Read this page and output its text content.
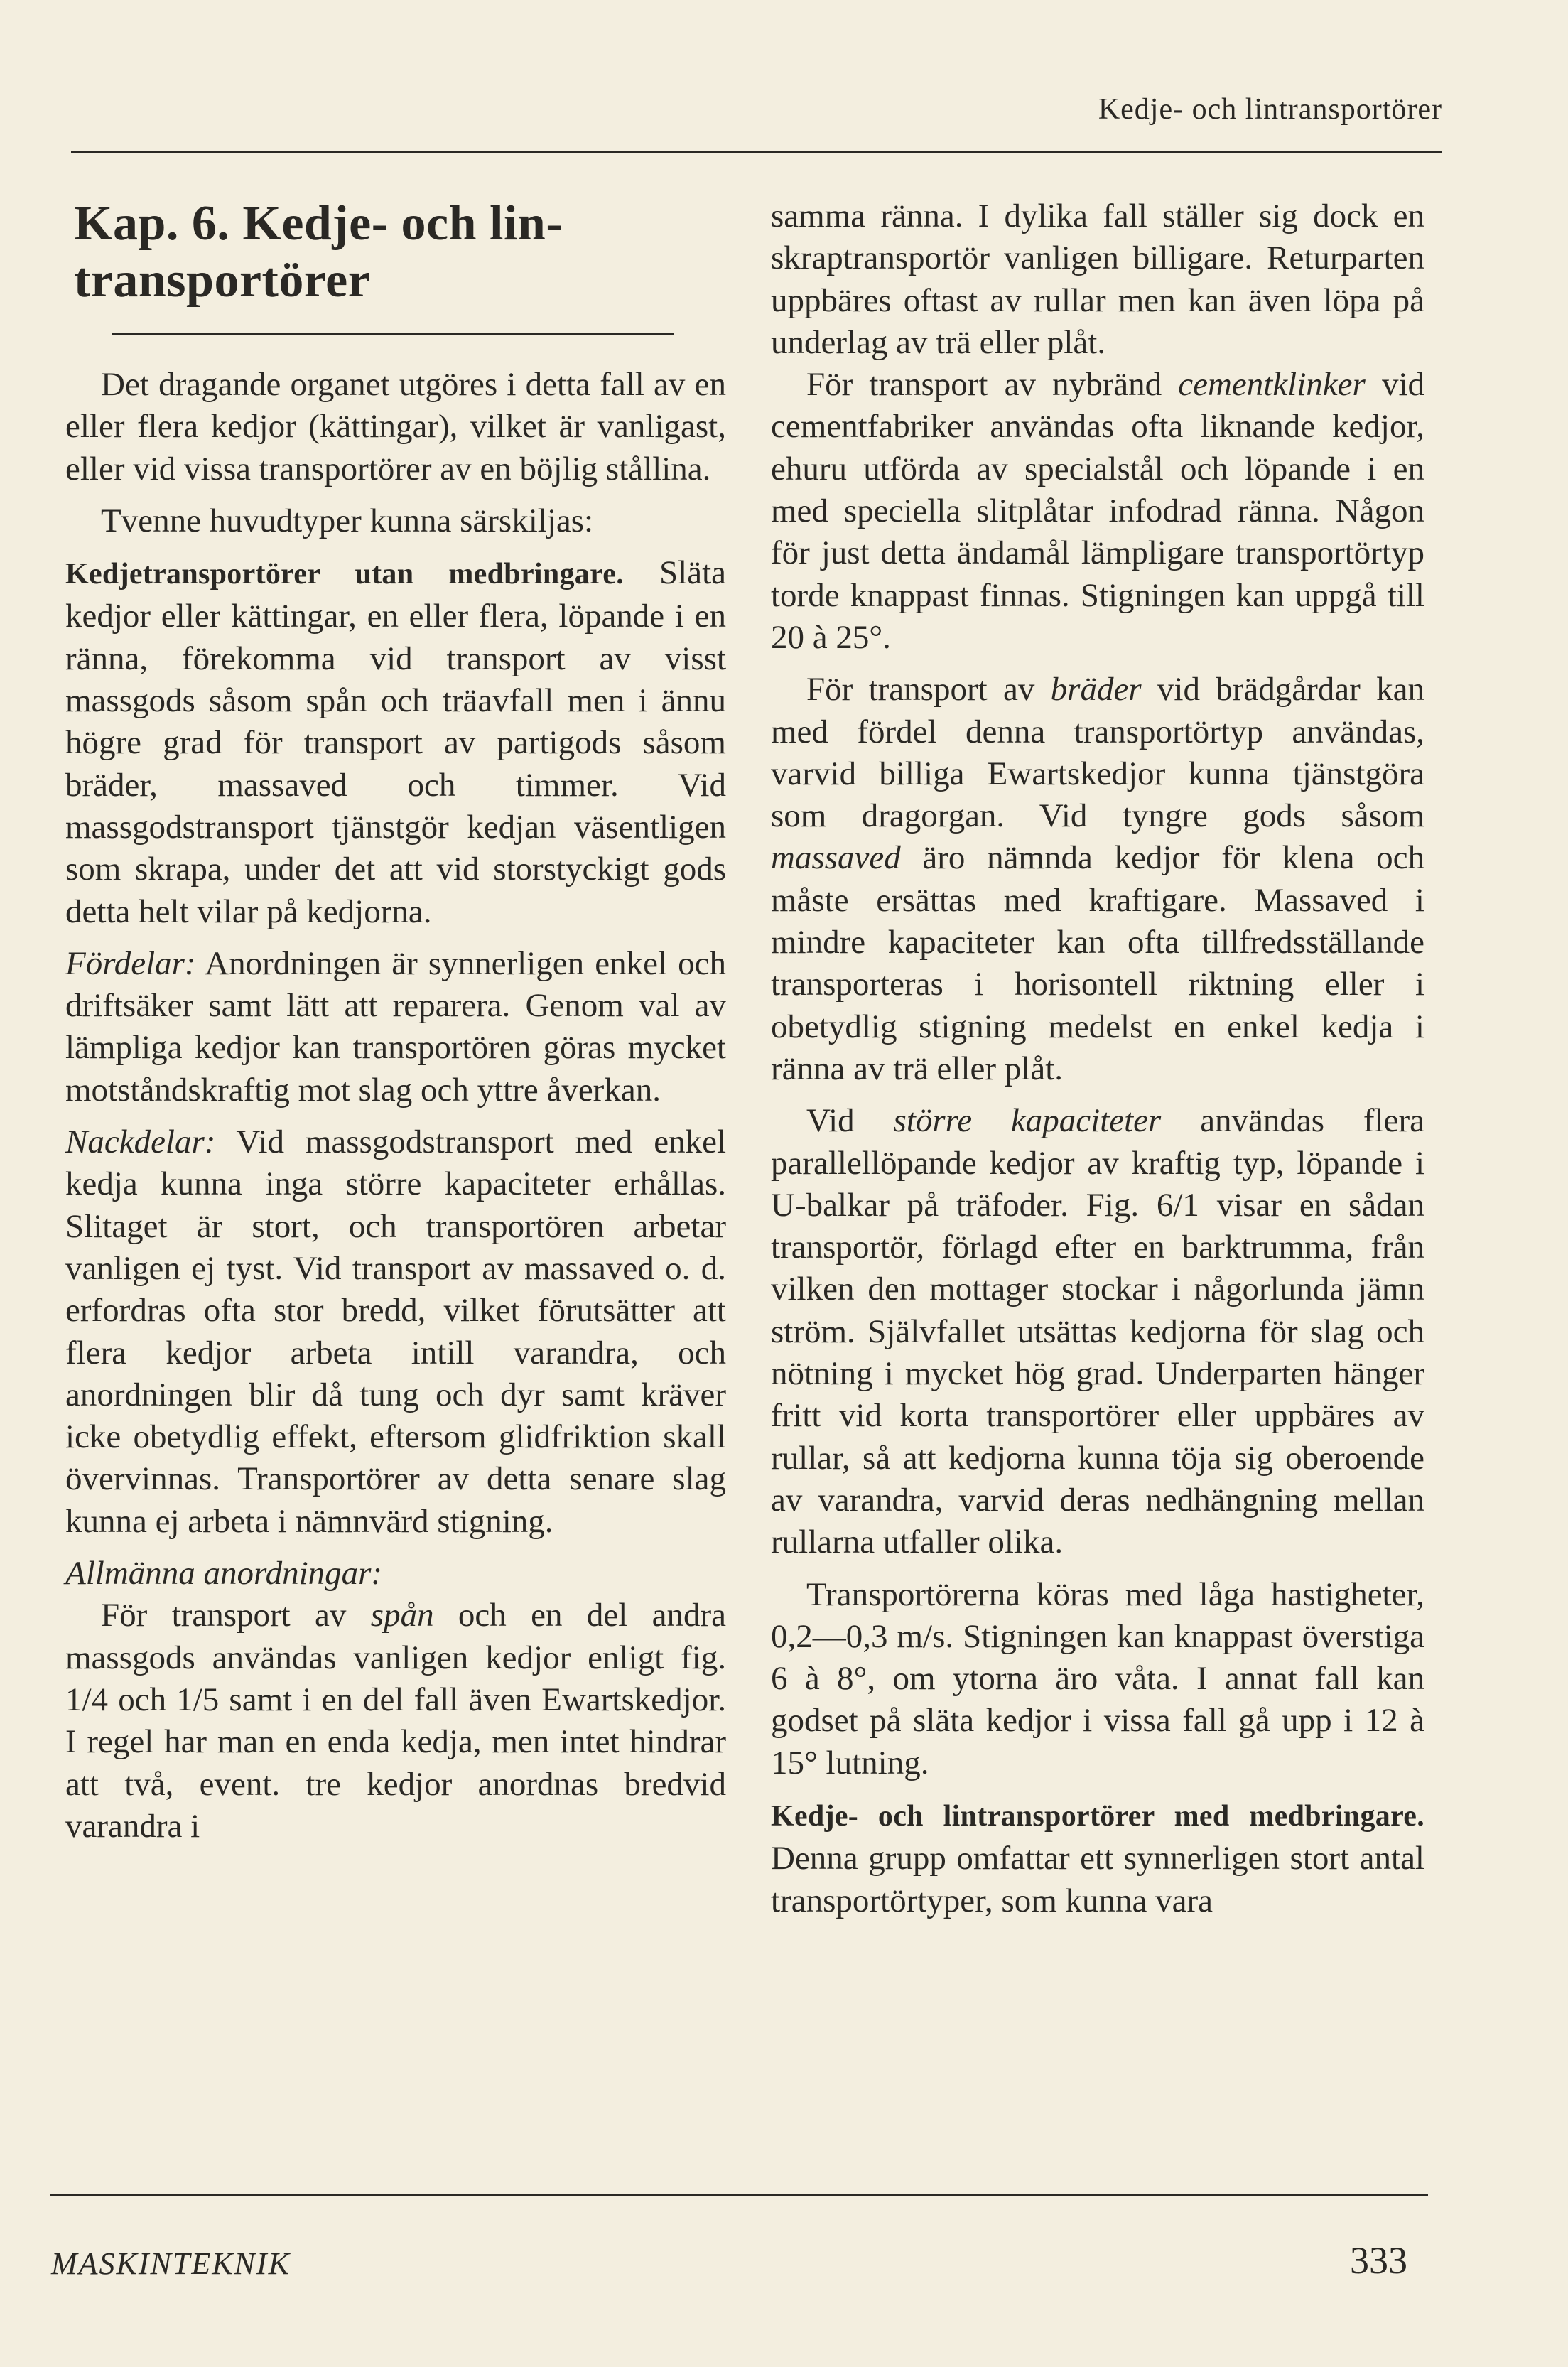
Kedje- och lintransportörer
Kap. 6. Kedje- och lin-transportörer

Det dragande organet utgöres i detta fall av en eller flera kedjor (kättingar), vilket är vanligast, eller vid vissa transportörer av en böjlig stållina.

Tvenne huvudtyper kunna särskiljas:

Kedjetransportörer utan medbringare. Släta kedjor eller kättingar, en eller flera, löpande i en ränna, förekomma vid transport av visst massgods såsom spån och träavfall men i ännu högre grad för transport av partigods såsom bräder, massaved och timmer. Vid massgodstransport tjänstgör kedjan väsentligen som skrapa, under det att vid storstyckigt gods detta helt vilar på kedjorna.

Fördelar: Anordningen är synnerligen enkel och driftsäker samt lätt att reparera. Genom val av lämpliga kedjor kan transportören göras mycket motståndskraftig mot slag och yttre åverkan.

Nackdelar: Vid massgodstransport med enkel kedja kunna inga större kapaciteter erhållas. Slitaget är stort, och transportören arbetar vanligen ej tyst. Vid transport av massaved o. d. erfordras ofta stor bredd, vilket förutsätter att flera kedjor arbeta intill varandra, och anordningen blir då tung och dyr samt kräver icke obetydlig effekt, eftersom glidfriktion skall övervinnas. Transportörer av detta senare slag kunna ej arbeta i nämnvärd stigning.

Allmänna anordningar:

För transport av spån och en del andra massgods användas vanligen kedjor enligt fig. 1/4 och 1/5 samt i en del fall även Ewartskedjor. I regel har man en enda kedja, men intet hindrar att två, event. tre kedjor anordnas bredvid varandra i

samma ränna. I dylika fall ställer sig dock en skraptransportör vanligen billigare. Returparten uppbäres oftast av rullar men kan även löpa på underlag av trä eller plåt.

För transport av nybränd cementklinker vid cementfabriker användas ofta liknande kedjor, ehuru utförda av specialstål och löpande i en med speciella slitplåtar infodrad ränna. Någon för just detta ändamål lämpligare transportörtyp torde knappast finnas. Stigningen kan uppgå till 20 à 25°.

För transport av bräder vid brädgårdar kan med fördel denna transportörtyp användas, varvid billiga Ewartskedjor kunna tjänstgöra som dragorgan. Vid tyngre gods såsom massaved äro nämnda kedjor för klena och måste ersättas med kraftigare. Massaved i mindre kapaciteter kan ofta tillfredsställande transporteras i horisontell riktning eller i obetydlig stigning medelst en enkel kedja i ränna av trä eller plåt.

Vid större kapaciteter användas flera parallellöpande kedjor av kraftig typ, löpande i U-balkar på träfoder. Fig. 6/1 visar en sådan transportör, förlagd efter en barktrumma, från vilken den mottager stockar i någorlunda jämn ström. Självfallet utsättas kedjorna för slag och nötning i mycket hög grad. Underparten hänger fritt vid korta transportörer eller uppbäres av rullar, så att kedjorna kunna töja sig oberoende av varandra, varvid deras nedhängning mellan rullarna utfaller olika.

Transportörerna köras med låga hastigheter, 0,2—0,3 m/s. Stigningen kan knappast överstiga 6 à 8°, om ytorna äro våta. I annat fall kan godset på släta kedjor i vissa fall gå upp i 12 à 15° lutning.

Kedje- och lintransportörer med medbringare. Denna grupp omfattar ett synnerligen stort antal transportörtyper, som kunna vara

MASKINTEKNIK	333
